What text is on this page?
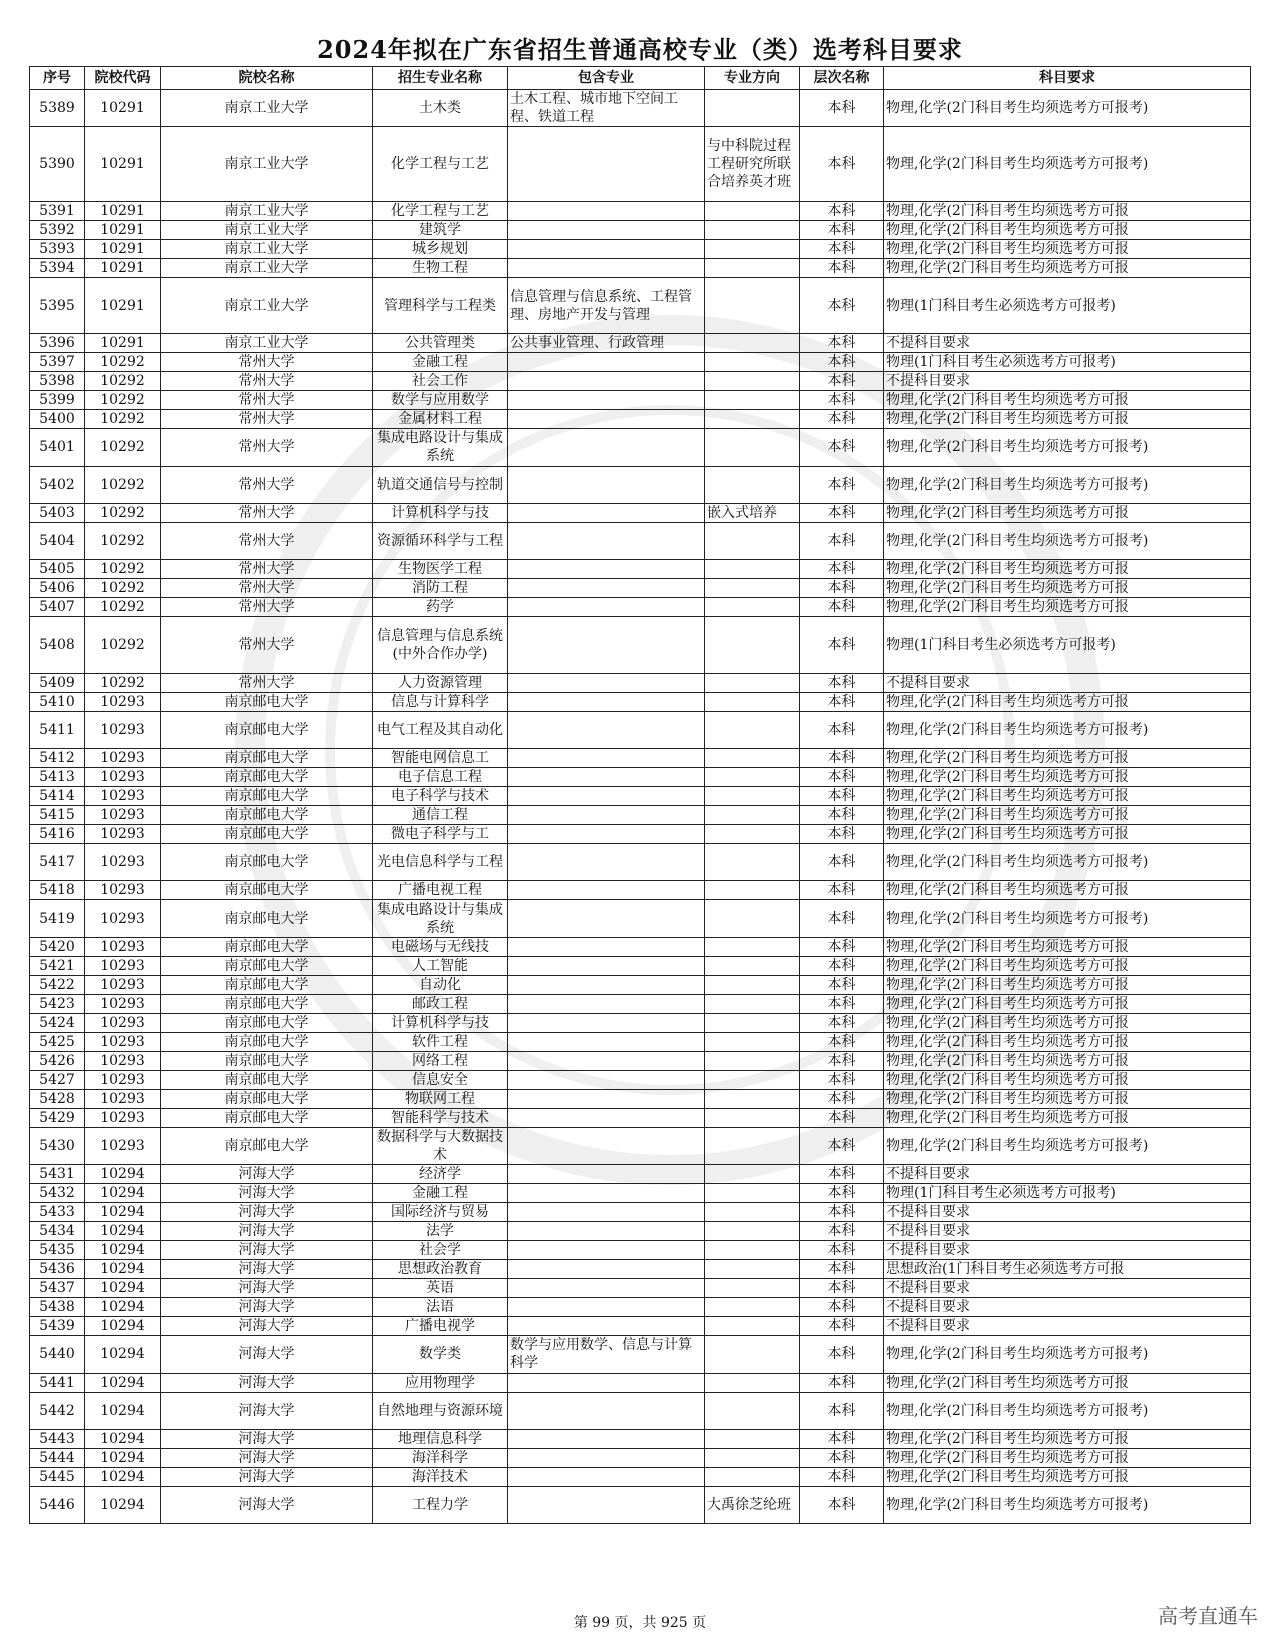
2024年拟在广东省招生普通高校专业（类）选考科目要求
序号	院校代码	院校名称	招生专业名称	包含专业	专业方向	层次名称	科目要求
5389	10291	南京工业大学	土木类	土木工程、城市地下空间工程、铁道工程		本科	物理,化学(2门科目考生均须选考方可报考)
5390	10291	南京工业大学	化学工程与工艺		与中科院过程工程研究所联合培养英才班	本科	物理,化学(2门科目考生均须选考方可报考)
5391	10291	南京工业大学	化学工程与工艺			本科	物理,化学(2门科目考生均须选考方可报
5392	10291	南京工业大学	建筑学			本科	物理,化学(2门科目考生均须选考方可报
5393	10291	南京工业大学	城乡规划			本科	物理,化学(2门科目考生均须选考方可报
5394	10291	南京工业大学	生物工程			本科	物理,化学(2门科目考生均须选考方可报
5395	10291	南京工业大学	管理科学与工程类	信息管理与信息系统、工程管理、房地产开发与管理		本科	物理(1门科目考生必须选考方可报考)
5396	10291	南京工业大学	公共管理类	公共事业管理、行政管理		本科	不提科目要求
5397	10292	常州大学	金融工程			本科	物理(1门科目考生必须选考方可报考)
5398	10292	常州大学	社会工作			本科	不提科目要求
5399	10292	常州大学	数学与应用数学			本科	物理,化学(2门科目考生均须选考方可报
5400	10292	常州大学	金属材料工程			本科	物理,化学(2门科目考生均须选考方可报
5401	10292	常州大学	集成电路设计与集成系统			本科	物理,化学(2门科目考生均须选考方可报考)
5402	10292	常州大学	轨道交通信号与控制			本科	物理,化学(2门科目考生均须选考方可报考)
5403	10292	常州大学	计算机科学与技		嵌入式培养	本科	物理,化学(2门科目考生均须选考方可报
5404	10292	常州大学	资源循环科学与工程			本科	物理,化学(2门科目考生均须选考方可报考)
5405	10292	常州大学	生物医学工程			本科	物理,化学(2门科目考生均须选考方可报
5406	10292	常州大学	消防工程			本科	物理,化学(2门科目考生均须选考方可报
5407	10292	常州大学	药学			本科	物理,化学(2门科目考生均须选考方可报
5408	10292	常州大学	信息管理与信息系统(中外合作办学)			本科	物理(1门科目考生必须选考方可报考)
5409	10292	常州大学	人力资源管理			本科	不提科目要求
5410	10293	南京邮电大学	信息与计算科学			本科	物理,化学(2门科目考生均须选考方可报
5411	10293	南京邮电大学	电气工程及其自动化			本科	物理,化学(2门科目考生均须选考方可报考)
5412	10293	南京邮电大学	智能电网信息工			本科	物理,化学(2门科目考生均须选考方可报
5413	10293	南京邮电大学	电子信息工程			本科	物理,化学(2门科目考生均须选考方可报
5414	10293	南京邮电大学	电子科学与技术			本科	物理,化学(2门科目考生均须选考方可报
5415	10293	南京邮电大学	通信工程			本科	物理,化学(2门科目考生均须选考方可报
5416	10293	南京邮电大学	微电子科学与工			本科	物理,化学(2门科目考生均须选考方可报
5417	10293	南京邮电大学	光电信息科学与工程			本科	物理,化学(2门科目考生均须选考方可报考)
5418	10293	南京邮电大学	广播电视工程			本科	物理,化学(2门科目考生均须选考方可报
5419	10293	南京邮电大学	集成电路设计与集成系统			本科	物理,化学(2门科目考生均须选考方可报考)
5420	10293	南京邮电大学	电磁场与无线技			本科	物理,化学(2门科目考生均须选考方可报
5421	10293	南京邮电大学	人工智能			本科	物理,化学(2门科目考生均须选考方可报
5422	10293	南京邮电大学	自动化			本科	物理,化学(2门科目考生均须选考方可报
5423	10293	南京邮电大学	邮政工程			本科	物理,化学(2门科目考生均须选考方可报
5424	10293	南京邮电大学	计算机科学与技			本科	物理,化学(2门科目考生均须选考方可报
5425	10293	南京邮电大学	软件工程			本科	物理,化学(2门科目考生均须选考方可报
5426	10293	南京邮电大学	网络工程			本科	物理,化学(2门科目考生均须选考方可报
5427	10293	南京邮电大学	信息安全			本科	物理,化学(2门科目考生均须选考方可报
5428	10293	南京邮电大学	物联网工程			本科	物理,化学(2门科目考生均须选考方可报
5429	10293	南京邮电大学	智能科学与技术			本科	物理,化学(2门科目考生均须选考方可报
5430	10293	南京邮电大学	数据科学与大数据技术			本科	物理,化学(2门科目考生均须选考方可报考)
5431	10294	河海大学	经济学			本科	不提科目要求
5432	10294	河海大学	金融工程			本科	物理(1门科目考生必须选考方可报考)
5433	10294	河海大学	国际经济与贸易			本科	不提科目要求
5434	10294	河海大学	法学			本科	不提科目要求
5435	10294	河海大学	社会学			本科	不提科目要求
5436	10294	河海大学	思想政治教育			本科	思想政治(1门科目考生必须选考方可报
5437	10294	河海大学	英语			本科	不提科目要求
5438	10294	河海大学	法语			本科	不提科目要求
5439	10294	河海大学	广播电视学			本科	不提科目要求
5440	10294	河海大学	数学类	数学与应用数学、信息与计算科学		本科	物理,化学(2门科目考生均须选考方可报考)
5441	10294	河海大学	应用物理学			本科	物理,化学(2门科目考生均须选考方可报
5442	10294	河海大学	自然地理与资源环境			本科	物理,化学(2门科目考生均须选考方可报考)
5443	10294	河海大学	地理信息科学			本科	物理,化学(2门科目考生均须选考方可报
5444	10294	河海大学	海洋科学			本科	物理,化学(2门科目考生均须选考方可报
5445	10294	河海大学	海洋技术			本科	物理,化学(2门科目考生均须选考方可报
5446	10294	河海大学	工程力学		大禹徐芝纶班	本科	物理,化学(2门科目考生均须选考方可报考)
第 99 页，共 925 页	高考直通车
